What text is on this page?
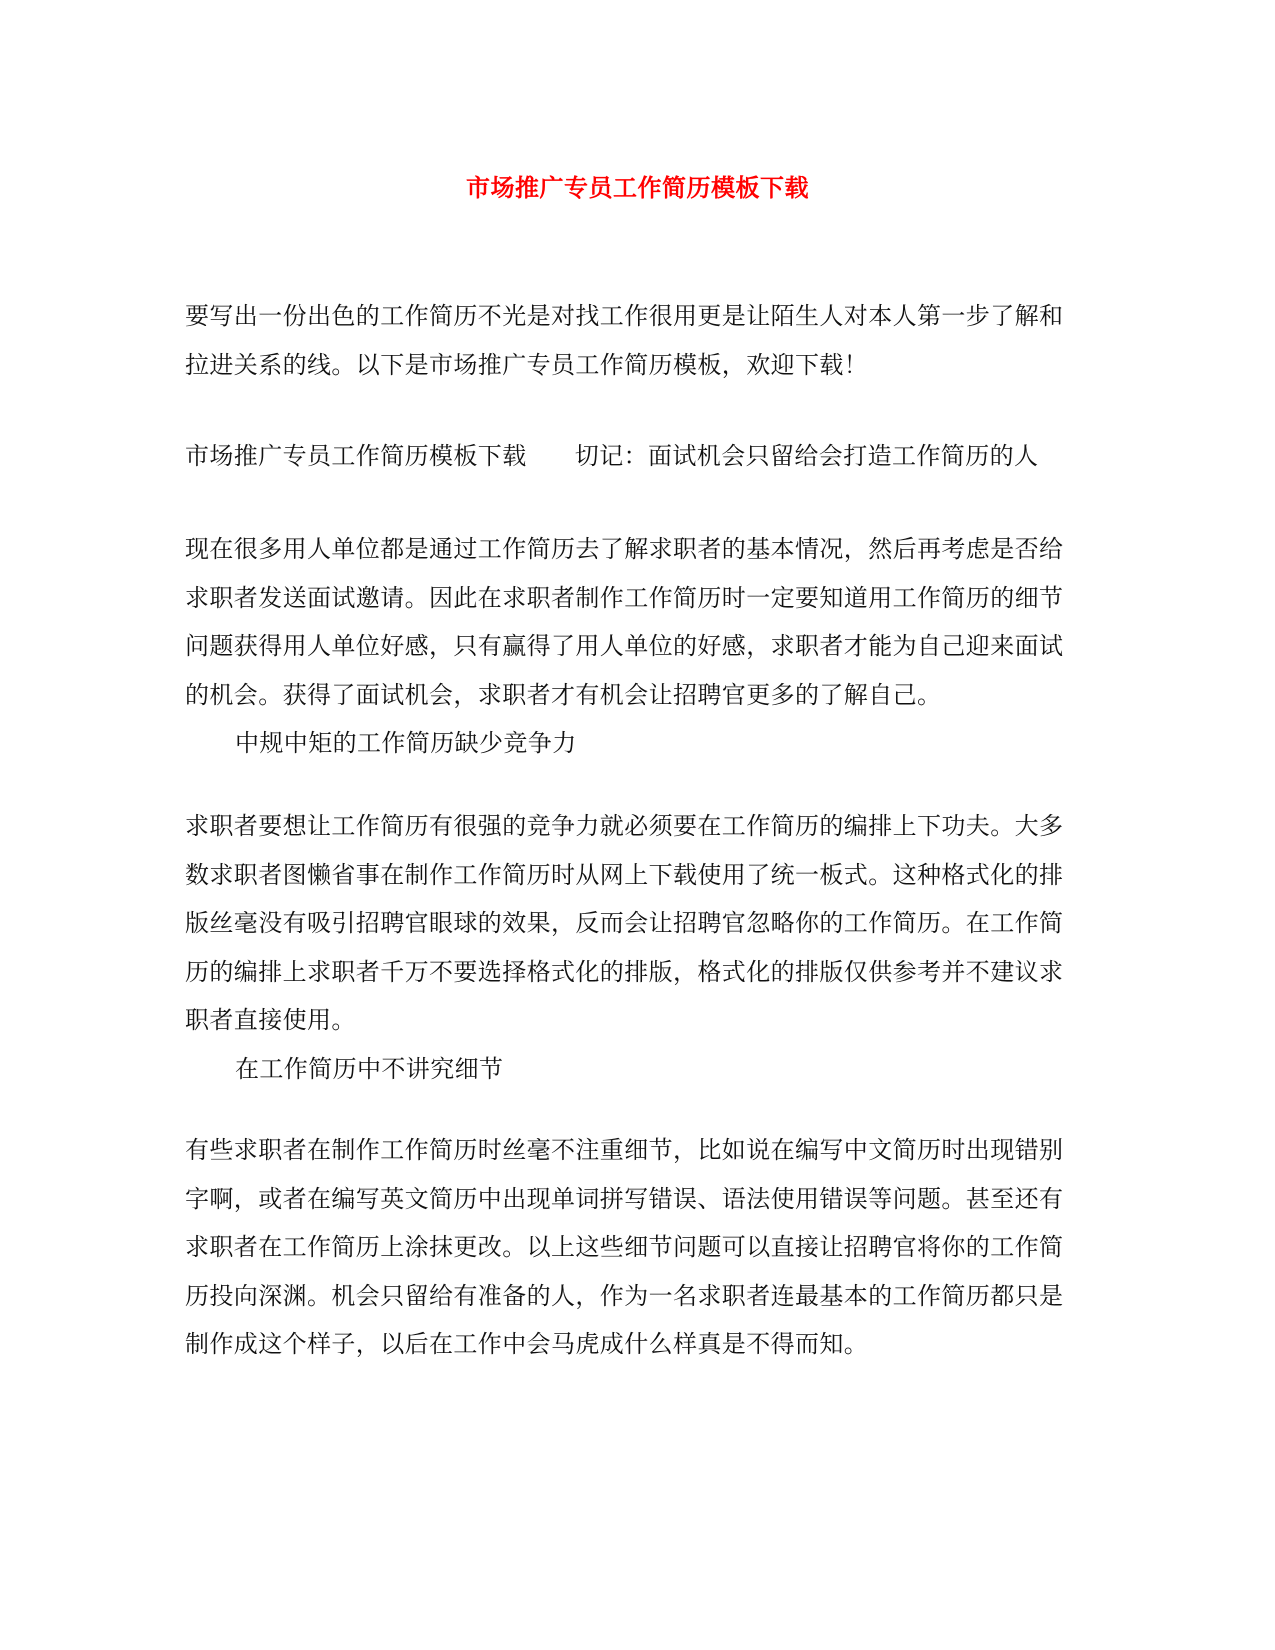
市场推广专员工作简历模板下载
要写出一份出色的工作简历不光是对找工作很用更是让陌生人对本人第一步了解和
拉进关系的线。以下是市场推广专员工作简历模板，欢迎下载！
市场推广专员工作简历模板下载 切记：面试机会只留给会打造工作简历的人
现在很多用人单位都是通过工作简历去了解求职者的基本情况，然后再考虑是否给
求职者发送面试邀请。因此在求职者制作工作简历时一定要知道用工作简历的细节
问题获得用人单位好感，只有赢得了用人单位的好感，求职者才能为自己迎来面试
的机会。获得了面试机会，求职者才有机会让招聘官更多的了解自己。
中规中矩的工作简历缺少竞争力
求职者要想让工作简历有很强的竞争力就必须要在工作简历的编排上下功夫。大多
数求职者图懒省事在制作工作简历时从网上下载使用了统一板式。这种格式化的排
版丝毫没有吸引招聘官眼球的效果，反而会让招聘官忽略你的工作简历。在工作简
历的编排上求职者千万不要选择格式化的排版，格式化的排版仅供参考并不建议求
职者直接使用。
在工作简历中不讲究细节
有些求职者在制作工作简历时丝毫不注重细节，比如说在编写中文简历时出现错别
字啊，或者在编写英文简历中出现单词拼写错误、语法使用错误等问题。甚至还有
求职者在工作简历上涂抹更改。以上这些细节问题可以直接让招聘官将你的工作简
历投向深渊。机会只留给有准备的人，作为一名求职者连最基本的工作简历都只是
制作成这个样子，以后在工作中会马虎成什么样真是不得而知。
